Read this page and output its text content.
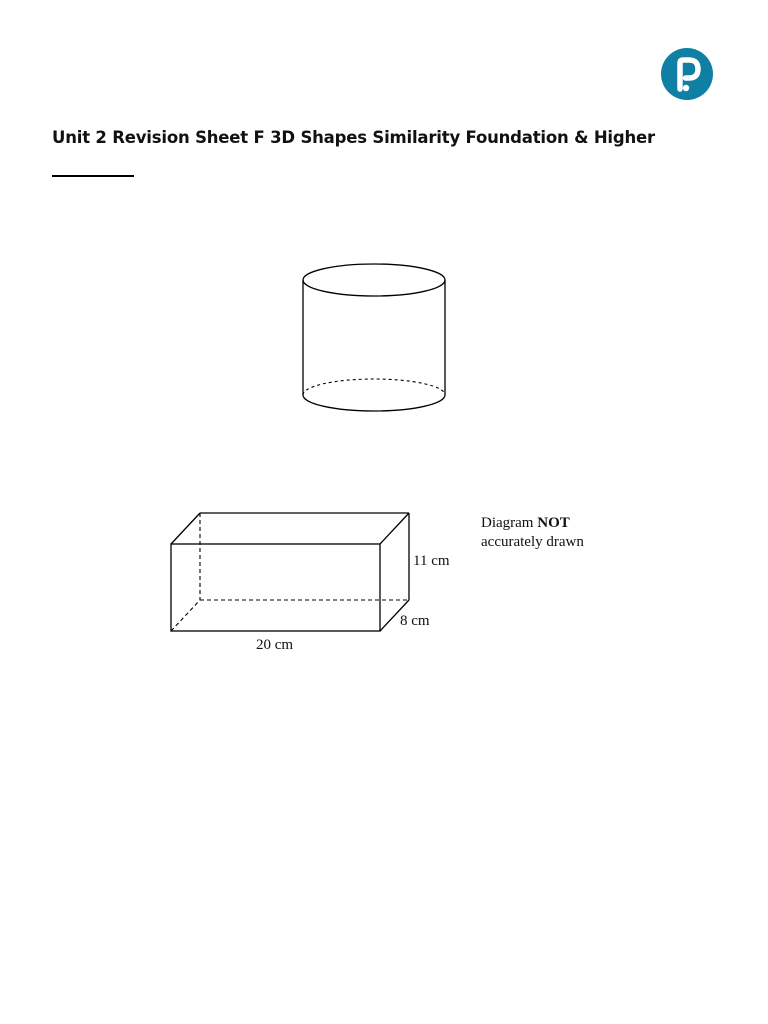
Unit 2 Revision Sheet F 3D Shapes Similarity Foundation & Higher
11 cm
8 cm
20 cm
Diagram NOT
accurately drawn
